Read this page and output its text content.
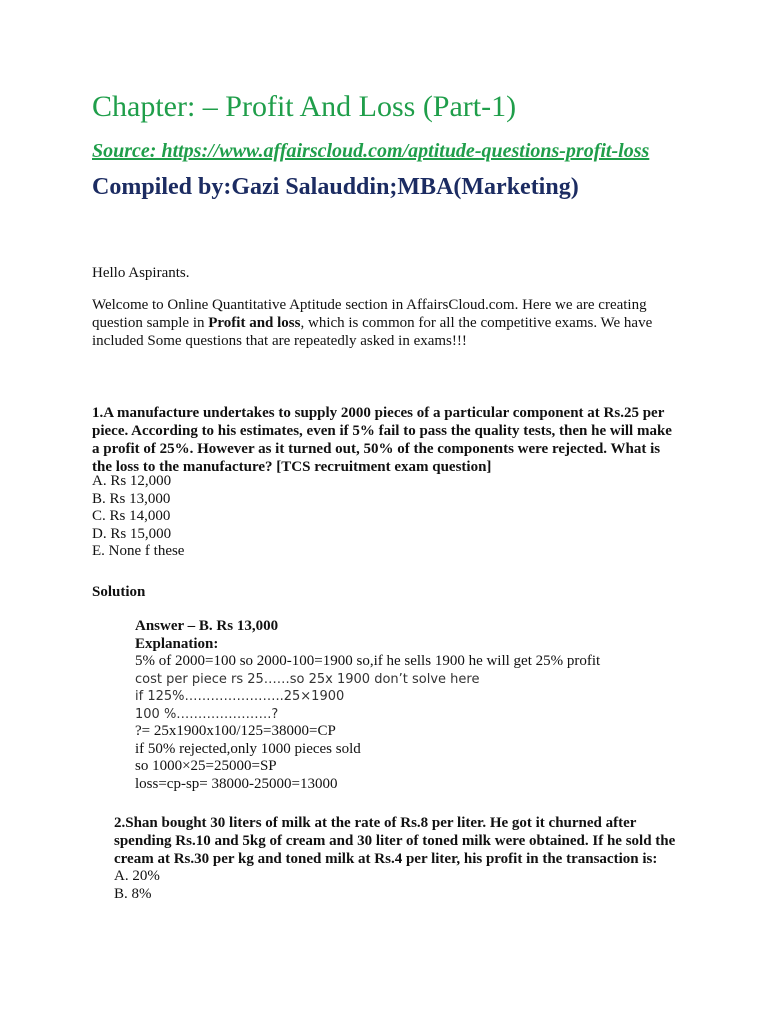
Chapter: – Profit And Loss (Part-1)
Source: https://www.affairscloud.com/aptitude-questions-profit-loss
Compiled by:Gazi Salauddin;MBA(Marketing)
Hello Aspirants.
Welcome to Online Quantitative Aptitude section in AffairsCloud.com. Here we are creating question sample in Profit and loss, which is common for all the competitive exams. We have included Some questions that are repeatedly asked in exams!!!
1.A manufacture undertakes to supply 2000 pieces of a particular component at Rs.25 per piece. According to his estimates, even if 5% fail to pass the quality tests, then he will make a profit of 25%. However as it turned out, 50% of the components were rejected. What is the loss to the manufacture? [TCS recruitment exam question]
A. Rs 12,000
B. Rs 13,000
C. Rs 14,000
D. Rs 15,000
E. None f these
Solution
Answer – B. Rs 13,000
Explanation:
5% of 2000=100 so 2000-100=1900 so,if he sells 1900 he will get 25% profit
cost per piece rs 25……so 25x 1900 don’t solve here
if 125%…………………..25×1900
100 %………………….?
?= 25x1900x100/125=38000=CP
if 50% rejected,only 1000 pieces sold
so 1000×25=25000=SP
loss=cp-sp= 38000-25000=13000
2.Shan bought 30 liters of milk at the rate of Rs.8 per liter. He got it churned after spending Rs.10 and 5kg of cream and 30 liter of toned milk were obtained. If he sold the cream at Rs.30 per kg and toned milk at Rs.4 per liter, his profit in the transaction is:
A. 20%
B. 8%
